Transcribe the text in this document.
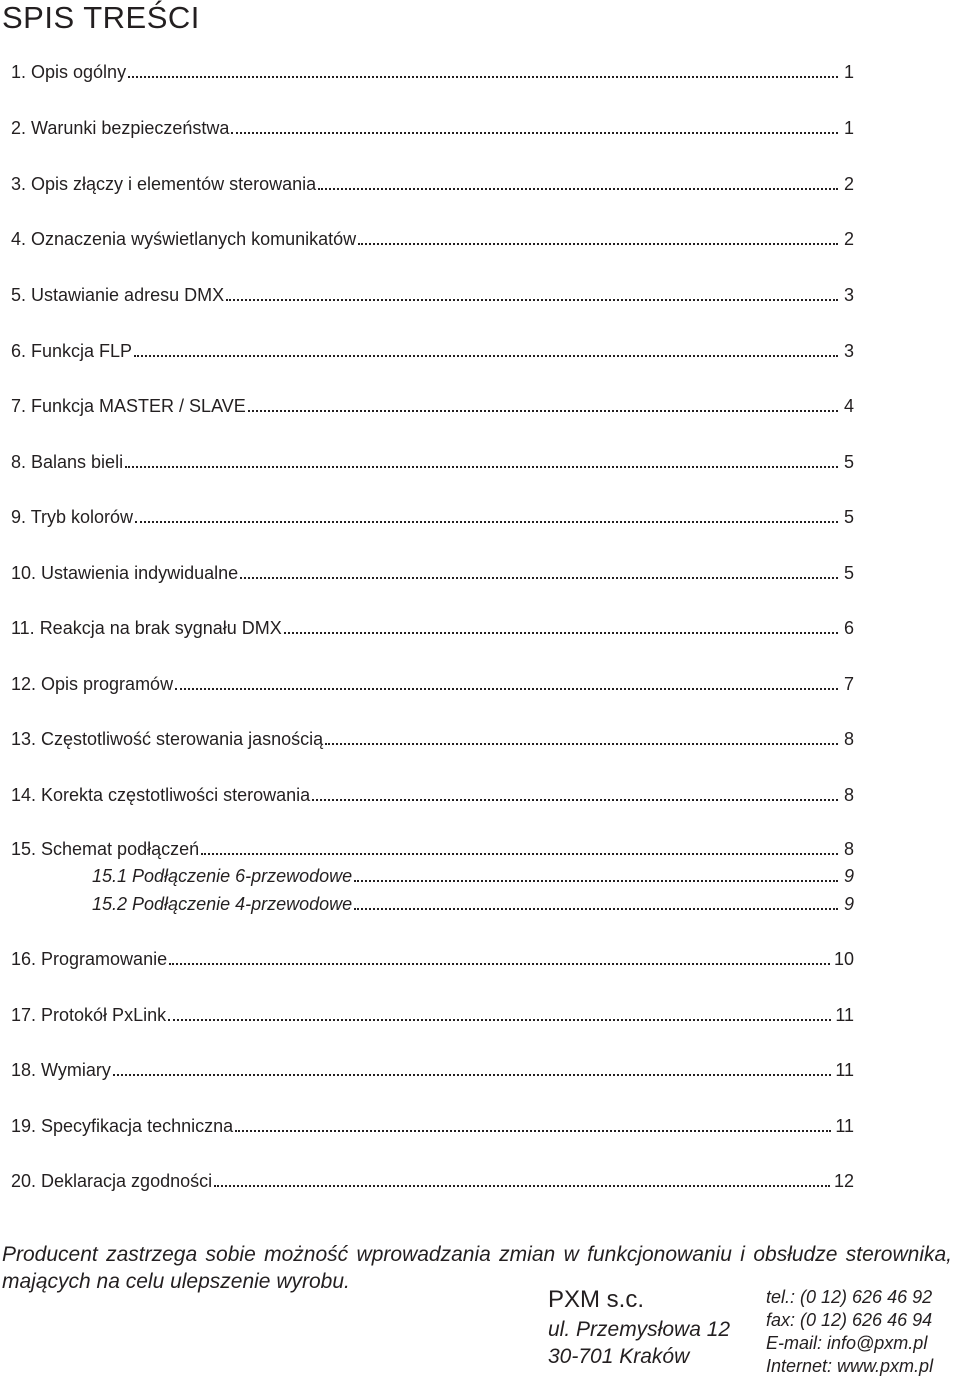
SPIS TREŚCI
1. Opis ogólny	1
2. Warunki bezpieczeństwa	1
3. Opis złączy i elementów sterowania	2
4. Oznaczenia wyświetlanych komunikatów	2
5. Ustawianie adresu DMX	3
6. Funkcja FLP	3
7. Funkcja MASTER / SLAVE	4
8. Balans bieli	5
9. Tryb kolorów	5
10. Ustawienia indywidualne	5
11. Reakcja na brak sygnału DMX	6
12. Opis programów	7
13. Częstotliwość sterowania jasnością	8
14. Korekta częstotliwości sterowania	8
15. Schemat podłączeń	8
15.1 Podłączenie 6-przewodowe	9
15.2 Podłączenie 4-przewodowe	9
16. Programowanie	10
17. Protokół PxLink	11
18. Wymiary	11
19. Specyfikacja techniczna	11
20. Deklaracja zgodności	12

Producent zastrzega sobie możność wprowadzania zmian w funkcjonowaniu i obsłudze sterownika, mających na celu ulepszenie wyrobu.

PXM s.c.
ul. Przemysłowa 12
30-701 Kraków
tel.: (0 12) 626 46 92
fax: (0 12) 626 46 94
E-mail: info@pxm.pl
Internet: www.pxm.pl
